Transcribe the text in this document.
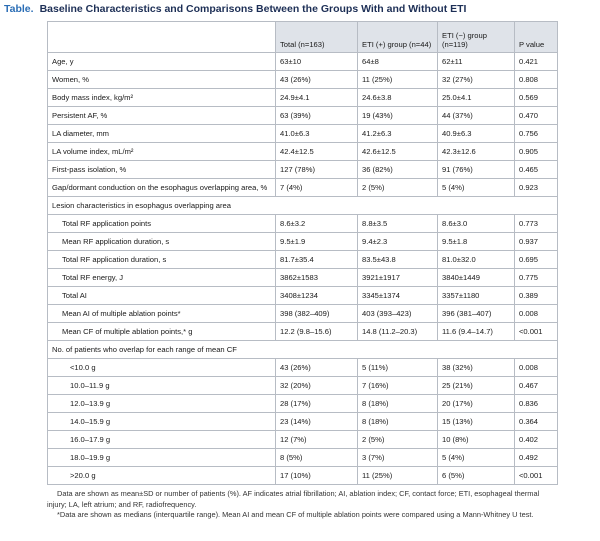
Table. Baseline Characteristics and Comparisons Between the Groups With and Without ETI
	Total (n=163)	ETI (+) group (n=44)	ETI (−) group (n=119)	P value
Age, y	63±10	64±8	62±11	0.421
Women, %	43 (26%)	11 (25%)	32 (27%)	0.808
Body mass index, kg/m²	24.9±4.1	24.6±3.8	25.0±4.1	0.569
Persistent AF, %	63 (39%)	19 (43%)	44 (37%)	0.470
LA diameter, mm	41.0±6.3	41.2±6.3	40.9±6.3	0.756
LA volume index, mL/m²	42.4±12.5	42.6±12.5	42.3±12.6	0.905
First-pass isolation, %	127 (78%)	36 (82%)	91 (76%)	0.465
Gap/dormant conduction on the esophagus overlapping area, %	7 (4%)	2 (5%)	5 (4%)	0.923
Lesion characteristics in esophagus overlapping area				
Total RF application points	8.6±3.2	8.8±3.5	8.6±3.0	0.773
Mean RF application duration, s	9.5±1.9	9.4±2.3	9.5±1.8	0.937
Total RF application duration, s	81.7±35.4	83.5±43.8	81.0±32.0	0.695
Total RF energy, J	3862±1583	3921±1917	3840±1449	0.775
Total AI	3408±1234	3345±1374	3357±1180	0.389
Mean AI of multiple ablation points*	398 (382–409)	403 (393–423)	396 (381–407)	0.008
Mean CF of multiple ablation points,* g	12.2 (9.8–15.6)	14.8 (11.2–20.3)	11.6 (9.4–14.7)	<0.001
No. of patients who overlap for each range of mean CF				
<10.0 g	43 (26%)	5 (11%)	38 (32%)	0.008
10.0–11.9 g	32 (20%)	7 (16%)	25 (21%)	0.467
12.0–13.9 g	28 (17%)	8 (18%)	20 (17%)	0.836
14.0–15.9 g	23 (14%)	8 (18%)	15 (13%)	0.364
16.0–17.9 g	12 (7%)	2 (5%)	10 (8%)	0.402
18.0–19.9 g	8 (5%)	3 (7%)	5 (4%)	0.492
>20.0 g	17 (10%)	11 (25%)	6 (5%)	<0.001

Data are shown as mean±SD or number of patients (%). AF indicates atrial fibrillation; AI, ablation index; CF, contact force; ETI, esophageal thermal injury; LA, left atrium; and RF, radiofrequency.

*Data are shown as medians (interquartile range). Mean AI and mean CF of multiple ablation points were compared using a Mann-Whitney U test.
